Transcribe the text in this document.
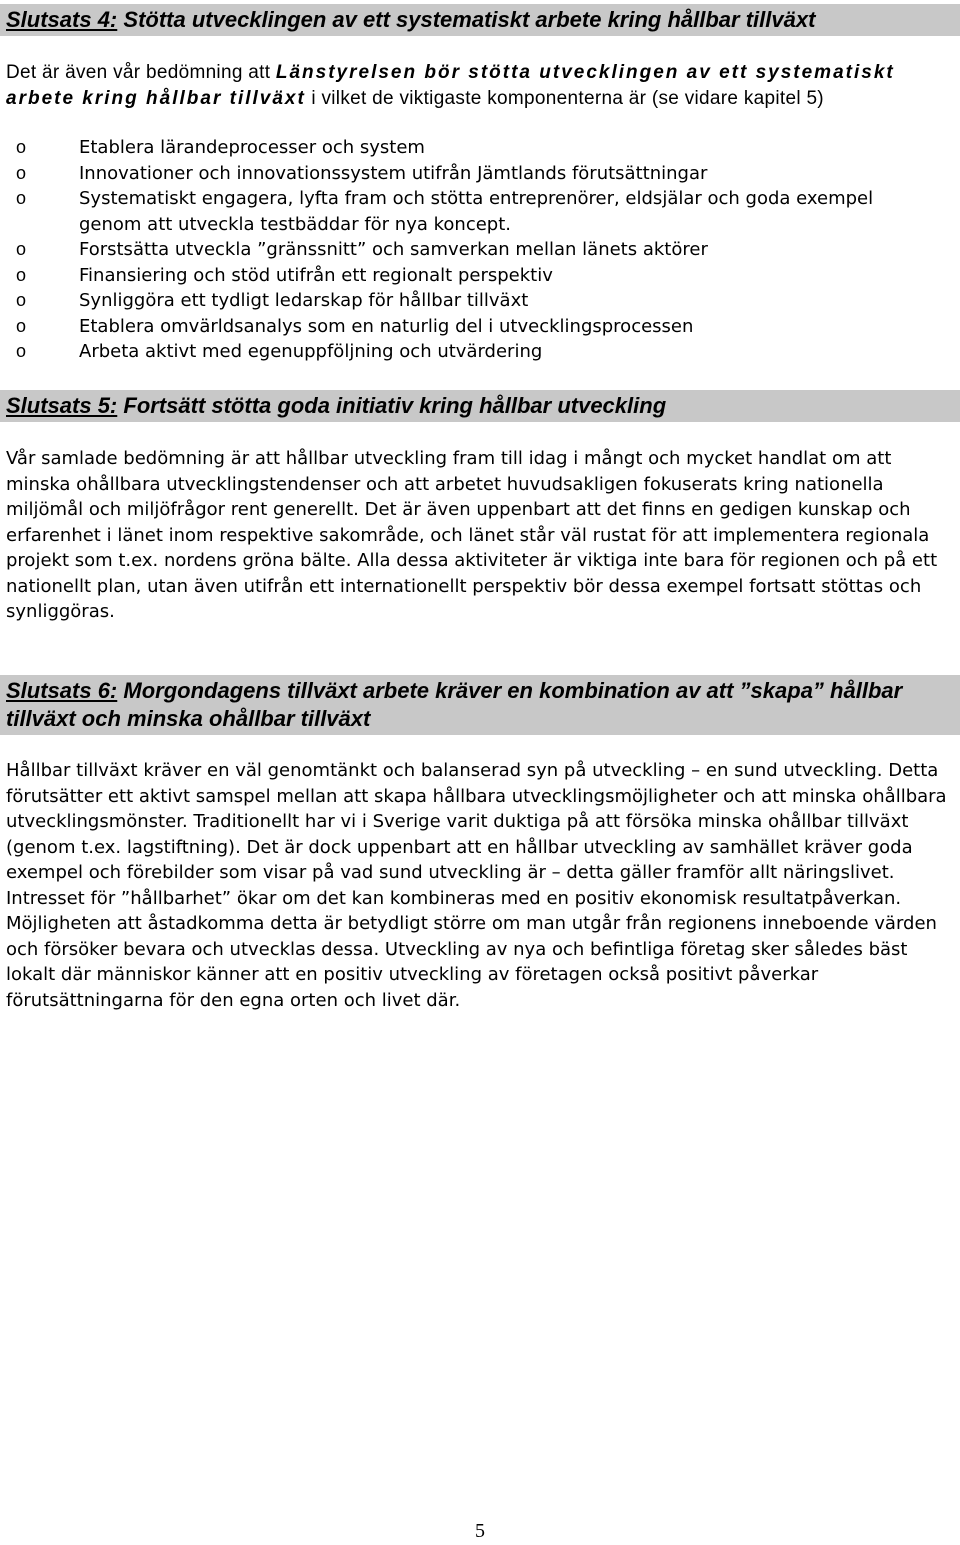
Slutsats 4: Stötta utvecklingen av ett systematiskt arbete kring hållbar tillväxt

Det är även vår bedömning att Länstyrelsen bör stötta utvecklingen av ett systematiskt arbete kring hållbar tillväxt i vilket de viktigaste komponenterna är (se vidare kapitel 5)

o	Etablera lärandeprocesser och system
o	Innovationer och innovationssystem utifrån Jämtlands förutsättningar
o	Systematiskt engagera, lyfta fram och stötta entreprenörer, eldsjälar och goda exempel genom att utveckla testbäddar för nya koncept.
o	Forstsätta utveckla ”gränssnitt” och samverkan mellan länets aktörer
o	Finansiering och stöd utifrån ett regionalt perspektiv
o	Synliggöra ett tydligt ledarskap för hållbar tillväxt
o	Etablera omvärldsanalys som en naturlig del i utvecklingsprocessen
o	Arbeta aktivt med egenuppföljning och utvärdering
Slutsats 5: Fortsätt stötta goda initiativ kring hållbar utveckling

Vår samlade bedömning är att hållbar utveckling fram till idag i mångt och mycket handlat om att minska ohållbara utvecklingstendenser och att arbetet huvudsakligen fokuserats kring nationella miljömål och miljöfrågor rent generellt. Det är även uppenbart att det finns en gedigen kunskap och erfarenhet i länet inom respektive sakområde, och länet står väl rustat för att implementera regionala projekt som t.ex. nordens gröna bälte. Alla dessa aktiviteter är viktiga inte bara för regionen och på ett nationellt plan, utan även utifrån ett internationellt perspektiv bör dessa exempel fortsatt stöttas och synliggöras.

Slutsats 6: Morgondagens tillväxt arbete kräver en kombination av att ”skapa” hållbar tillväxt och minska ohållbar tillväxt

Hållbar tillväxt kräver en väl genomtänkt och balanserad syn på utveckling – en sund utveckling. Detta förutsätter ett aktivt samspel mellan att skapa hållbara utvecklingsmöjligheter och att minska ohållbara utvecklingsmönster. Traditionellt har vi i Sverige varit duktiga på att försöka minska ohållbar tillväxt (genom t.ex. lagstiftning). Det är dock uppenbart att en hållbar utveckling av samhället kräver goda exempel och förebilder som visar på vad sund utveckling är – detta gäller framför allt näringslivet. Intresset för ”hållbarhet” ökar om det kan kombineras med en positiv ekonomisk resultatpåverkan. Möjligheten att åstadkomma detta är betydligt större om man utgår från regionens inneboende värden och försöker bevara och utvecklas dessa. Utveckling av nya och befintliga företag sker således bäst lokalt där människor känner att en positiv utveckling av företagen också positivt påverkar förutsättningarna för den egna orten och livet där.

5
